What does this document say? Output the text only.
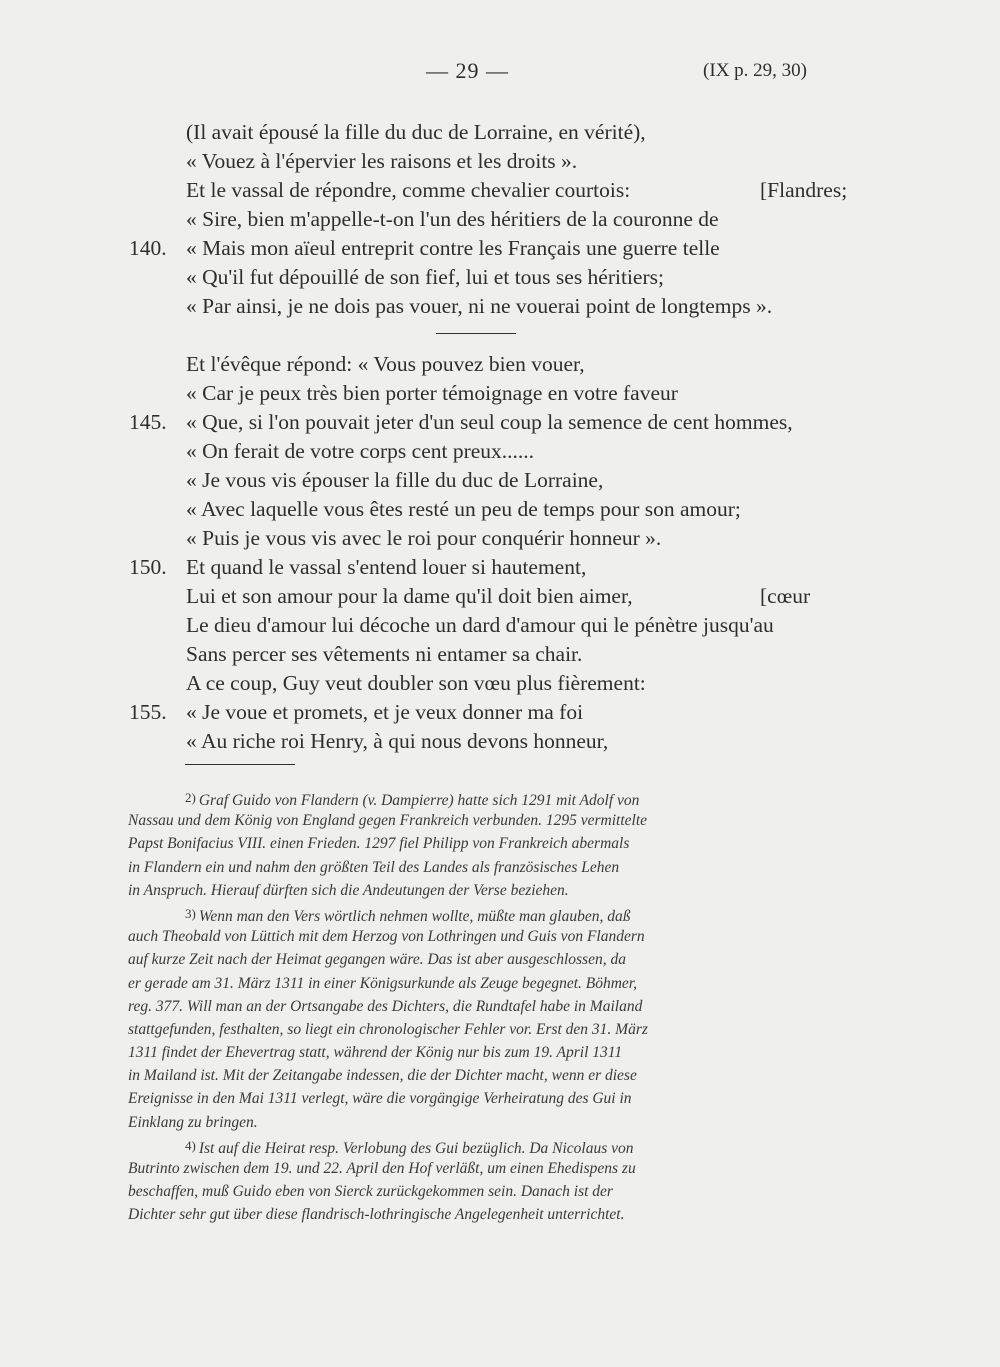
— 29 —	(IX p. 29, 30)
(Il avait épousé la fille du duc de Lorraine, en vérité),
« Vouez à l'épervier les raisons et les droits ».
Et le vassal de répondre, comme chevalier courtois:	[Flandres;
« Sire, bien m'appelle-t-on l'un des héritiers de la couronne de
140. « Mais mon aïeul entreprit contre les Français une guerre telle
« Qu'il fut dépouillé de son fief, lui et tous ses héritiers;
« Par ainsi, je ne dois pas vouer, ni ne vouerai point de longtemps ».
Et l'évêque répond: « Vous pouvez bien vouer,
« Car je peux très bien porter témoignage en votre faveur
145. « Que, si l'on pouvait jeter d'un seul coup la semence de cent hommes,
« On ferait de votre corps cent preux......
« Je vous vis épouser la fille du duc de Lorraine,
« Avec laquelle vous êtes resté un peu de temps pour son amour;
« Puis je vous vis avec le roi pour conquérir honneur ».
150. Et quand le vassal s'entend louer si hautement,
Lui et son amour pour la dame qu'il doit bien aimer,	[cœur
Le dieu d'amour lui décoche un dard d'amour qui le pénètre jusqu'au
Sans percer ses vêtements ni entamer sa chair.
A ce coup, Guy veut doubler son vœu plus fièrement:
155. « Je voue et promets, et je veux donner ma foi
« Au riche roi Henry, à qui nous devons honneur,
2) Graf Guido von Flandern (v. Dampierre) hatte sich 1291 mit Adolf von
Nassau und dem König von England gegen Frankreich verbunden. 1295 vermittelte
Papst Bonifacius VIII. einen Frieden. 1297 fiel Philipp von Frankreich abermals
in Flandern ein und nahm den größten Teil des Landes als französisches Lehen
in Anspruch. Hierauf dürften sich die Andeutungen der Verse beziehen.
3) Wenn man den Vers wörtlich nehmen wollte, müßte man glauben, daß
auch Theobald von Lüttich mit dem Herzog von Lothringen und Guis von Flandern
auf kurze Zeit nach der Heimat gegangen wäre. Das ist aber ausgeschlossen, da
er gerade am 31. März 1311 in einer Königsurkunde als Zeuge begegnet. Böhmer,
reg. 377. Will man an der Ortsangabe des Dichters, die Rundtafel habe in Mailand
stattgefunden, festhalten, so liegt ein chronologischer Fehler vor. Erst den 31. März
1311 findet der Ehevertrag statt, während der König nur bis zum 19. April 1311
in Mailand ist. Mit der Zeitangabe indessen, die der Dichter macht, wenn er diese
Ereignisse in den Mai 1311 verlegt, wäre die vorgängige Verheiratung des Gui in
Einklang zu bringen.
4) Ist auf die Heirat resp. Verlobung des Gui bezüglich. Da Nicolaus von
Butrinto zwischen dem 19. und 22. April den Hof verläßt, um einen Ehedispens zu
beschaffen, muß Guido eben von Sierck zurückgekommen sein. Danach ist der
Dichter sehr gut über diese flandrisch-lothringische Angelegenheit unterrichtet.
